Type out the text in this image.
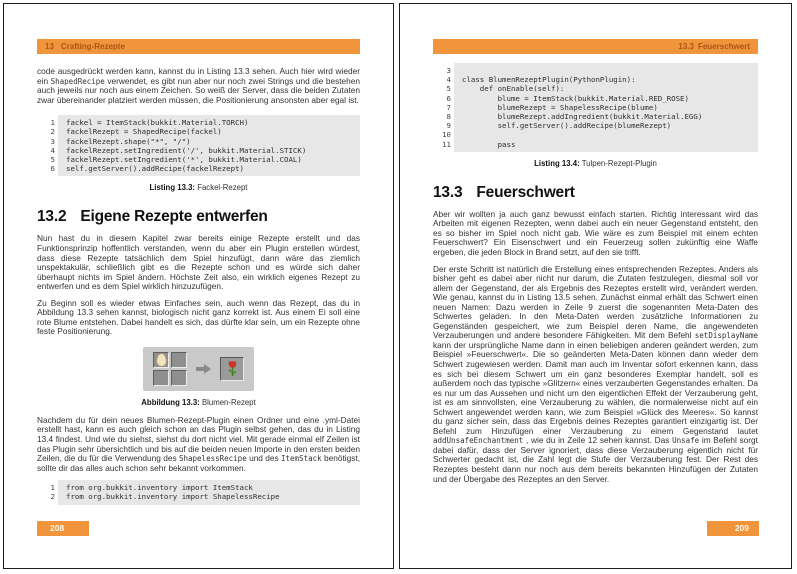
13 Crafting-Rezepte

code ausgedrückt werden kann, kannst du in Listing 13.3 sehen. Auch hier wird wieder ein ShapedRecipe verwendet, es gibt nun aber nur noch zwei Strings und die bestehen auch jeweils nur noch aus einem Zeichen. So weiß der Server, dass die beiden Zutaten zwar übereinander platziert werden müssen, die Positionierung ansonsten aber egal ist.

1 fackel = ItemStack(bukkit.Material.TORCH)
2 fackelRezept = ShapedRecipe(fackel)
3 fackelRezept.shape("*", "/")
4 fackelRezept.setIngredient('/', bukkit.Material.STICK)
5 fackelRezept.setIngredient('*', bukkit.Material.COAL)
6 self.getServer().addRecipe(fackelRezept)
Listing 13.3: Fackel-Rezept
13.2 Eigene Rezepte entwerfen

Nun hast du in diesem Kapitel zwar bereits einige Rezepte erstellt und das Funktionsprinzip hoffentlich verstanden, wenn du aber ein Plugin erstellen würdest, dass diese Rezepte tatsächlich dem Spiel hinzufügt, dann wäre das ziemlich unspektakulär, schließlich gibt es die Rezepte schon und es würde sich daher überhaupt nichts im Spiel ändern. Höchste Zeit also, ein wirklich eigenes Rezept zu entwerfen und es dem Spiel wirklich hinzuzufügen.

Zu Beginn soll es wieder etwas Einfaches sein, auch wenn das Rezept, das du in Abbildung 13.3 sehen kannst, biologisch nicht ganz korrekt ist. Aus einem Ei soll eine rote Blume entstehen. Dabei handelt es sich, das dürfte klar sein, um ein Rezepte ohne feste Positionierung.

Abbildung 13.3: Blumen-Rezept

Nachdem du für dein neues Blumen-Rezept-Plugin einen Ordner und eine .yml-Datei erstellt hast, kann es auch gleich schon an das Plugin selbst gehen, das du in Listing 13.4 findest. Und wie du siehst, siehst du dort nicht viel. Mit gerade einmal elf Zeilen ist das Plugin sehr übersichtlich und bis auf die beiden neuen Importe in den ersten beiden Zeilen, die du für die Verwendung des ShapelessRecipe und des ItemStack benötigst, sollte dir das alles auch schon sehr bekannt vorkommen.

1 from org.bukkit.inventory import ItemStack
2 from org.bukkit.inventory import ShapelessRecipe
208
13.3 Feuerschwert
3
4 class BlumenRezeptPlugin(PythonPlugin):
5 def onEnable(self):
6 blume = ItemStack(bukkit.Material.RED_ROSE)
7 blumeRezept = ShapelessRecipe(blume)
8 blumeRezept.addIngredient(bukkit.Material.EGG)
9 self.getServer().addRecipe(blumeRezept)
10
11 pass
Listing 13.4: Tulpen-Rezept-Plugin
13.3 Feuerschwert

Aber wir wollten ja auch ganz bewusst einfach starten. Richtig interessant wird das Arbeiten mit eigenen Rezepten, wenn dabei auch ein neuer Gegenstand entsteht, den es so bisher im Spiel noch nicht gab. Wie wäre es zum Beispiel mit einem echten Feuerschwert? Ein Eisenschwert und ein Feuerzeug sollen zukünftig eine Waffe ergeben, die jeden Block in Brand setzt, auf den sie trifft.

Der erste Schritt ist natürlich die Erstellung eines entsprechenden Rezeptes. Anders als bisher geht es dabei aber nicht nur darum, die Zutaten festzulegen, diesmal soll vor allem der Gegenstand, der als Ergebnis des Rezeptes erstellt wird, verändert werden. Wie genau, kannst du in Listing 13.5 sehen. Zunächst einmal erhält das Schwert einen neuen Namen: Dazu werden in Zeile 9 zuerst die sogenannten Meta-Daten des Schwertes geladen. In den Meta-Daten werden zusätzliche Informationen zu Gegenständen gespeichert, wie zum Beispiel deren Name, die angewendeten Verzauberungen und andere besondere Fähigkeiten. Mit dem Befehl setDisplayName kann der ursprüngliche Name dann in einen beliebigen anderen geändert werden, zum Beispiel »Feuerschwert«. Die so geänderten Meta-Daten können dann wieder dem Schwert zugewiesen werden. Damit man auch im Inventar sofort erkennen kann, dass es sich bei diesem Schwert um ein ganz besonderes Exemplar handelt, soll es außerdem noch das typische »Glitzern« eines verzauberten Gegenstandes erhalten. Da es nur um das Aussehen und nicht um den eigentlichen Effekt der Verzauberung geht, ist es am sinnvollsten, eine Verzauberung zu wählen, die normalerweise nicht auf ein Schwert angewendet werden kann, wie zum Beispiel »Glück des Meeres«. So kannst du ganz sicher sein, dass das Ergebnis deines Rezeptes garantiert einzigartig ist. Der Befehl zum Hinzufügen einer Verzauberung zu einem Gegenstand lautet addUnsafeEnchantment , wie du in Zeile 12 sehen kannst. Das Unsafe im Befehl sorgt dabei dafür, dass der Server ignoriert, dass diese Verzauberung eigentlich nicht für Schwerter gedacht ist, die Zahl legt die Stufe der Verzauberung fest. Der Rest des Rezeptes besteht dann nur noch aus dem bereits bekannten Hinzufügen der Zutaten und der Übergabe des Rezeptes an den Server.

209
